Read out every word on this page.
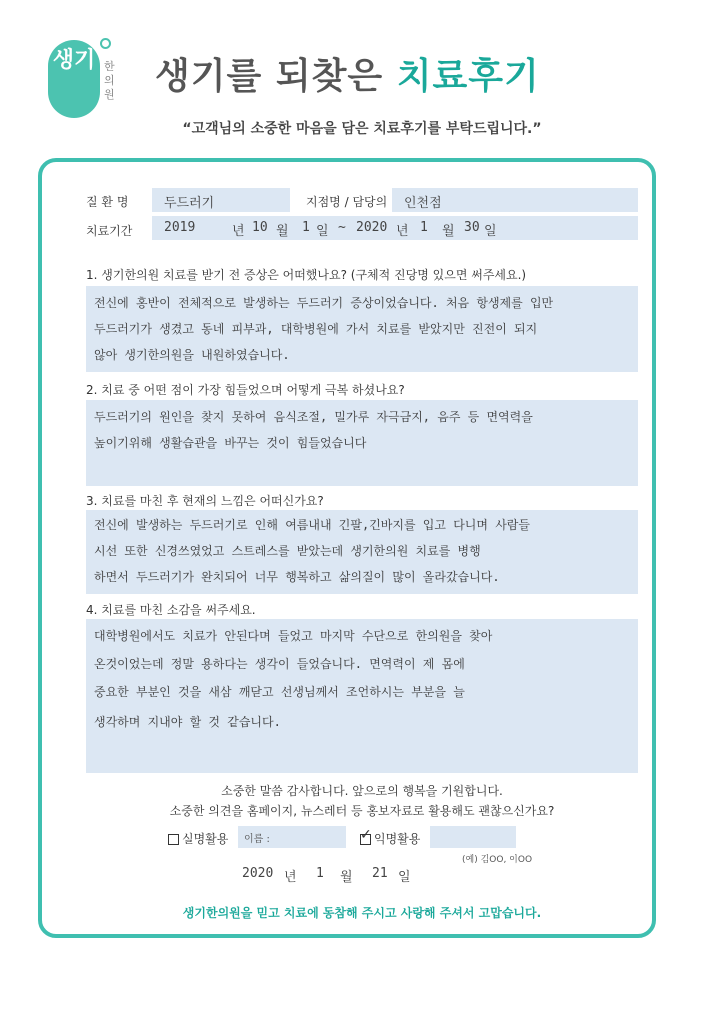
생기 한의원 생기를 되찾은 치료후기
“고객님의 소중한 마음을 담은 치료후기를 부탁드립니다.”
질 환 명	두드러기	지점명 / 담당의 인천점
치료기간 2019	년 10 월 1 일 ~ 2020 년 1 월 30 일
1. 생기한의원 치료를 받기 전 증상은 어떠했나요? (구체적 진당명 있으면 써주세요.)
전신에 홍반이 전체적으로 발생하는 두드러기 증상이었습니다. 처음 항생제를 입만
두드러기가 생겼고 동네 피부과, 대학병원에 가서 치료를 받았지만 진전이 되지
않아 생기한의원을 내원하였습니다.
2. 치료 중 어떤 점이 가장 힘들었으며 어떻게 극복 하셨나요?
두드러기의 원인을 찾지 못하여 음식조절, 밀가루 자극금지, 음주 등 면역력을
높이기위해 생활습관을 바꾸는 것이 힘들었습니다
3. 치료를 마친 후 현재의 느낌은 어떠신가요?
전신에 발생하는 두드러기로 인해 여름내내 긴팔,긴바지를 입고 다니며 사람들
시선 또한 신경쓰였었고 스트레스를 받았는데 생기한의원 치료를 병행
하면서 두드러기가 완치되어 너무 행복하고 삶의질이 많이 올라갔습니다.
4. 치료를 마친 소감을 써주세요.
대학병원에서도 치료가 안된다며 들었고 마지막 수단으로 한의원을 찾아
온것이었는데 정말 용하다는 생각이 들었습니다. 면역력이 제 몸에
중요한 부분인 것을 새삼 깨닫고 선생님께서 조언하시는 부분을 늘
생각하며 지내야 할 것 같습니다.
소중한 말씀 감사합니다. 앞으로의 행복을 기원합니다.
소중한 의견을 홈페이지, 뉴스레터 등 홍보자료로 활용해도 괜찮으신가요?
실명활용 이름 :	✓ 익명활용
(예) 김OO, 이OO
2020 년 1 월 21 일
생기한의원을 믿고 치료에 동참해 주시고 사랑해 주셔서 고맙습니다.
